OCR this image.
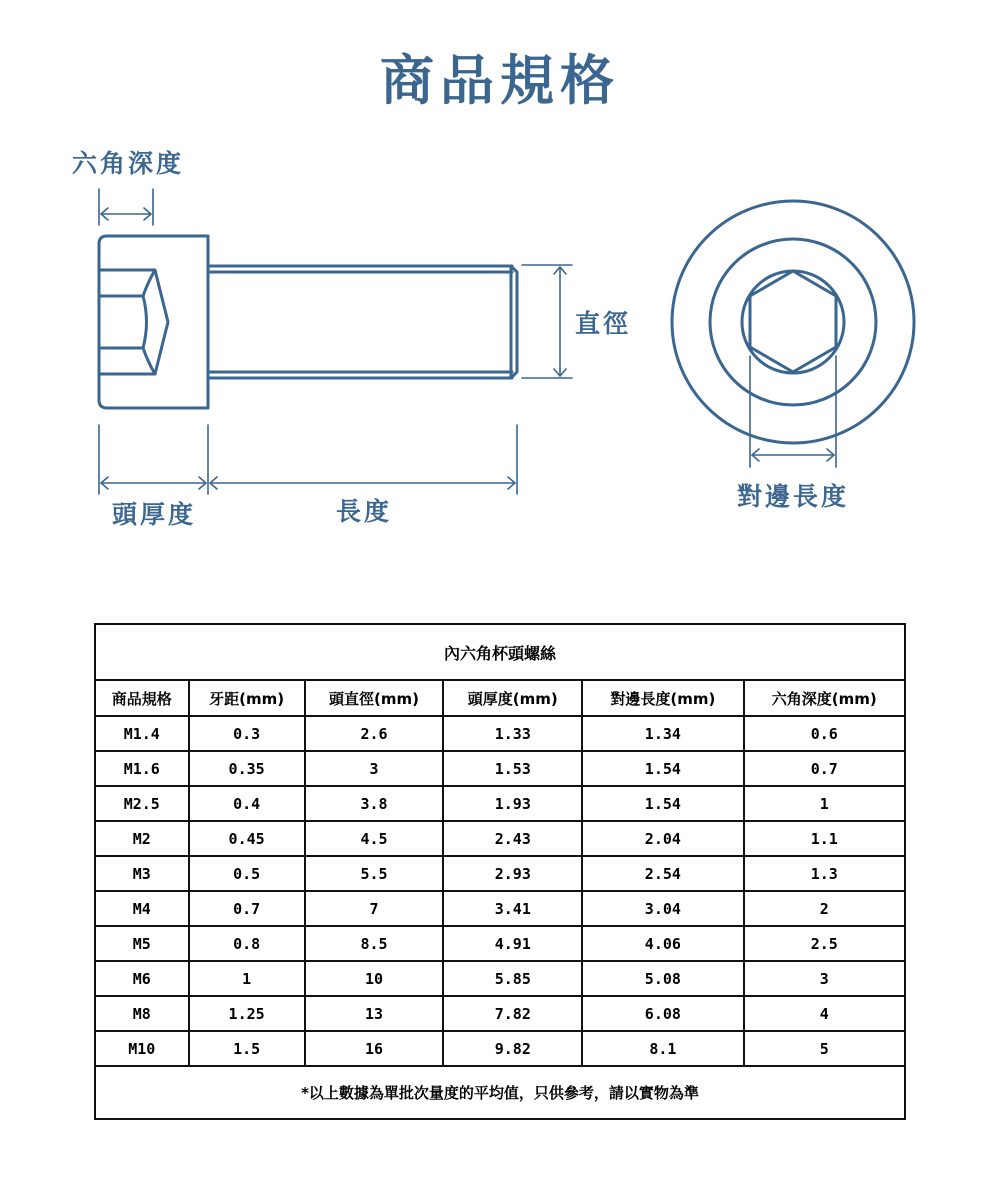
商品規格
六角深度
直徑
頭厚度	長度
對邊長度
內六角杯頭螺絲					
商品規格	牙距(mm)	頭直徑(mm)	頭厚度(mm)	對邊長度(mm)	六角深度(mm)
M1.4	0.3	2.6	1.33	1.34	0.6
M1.6	0.35	3	1.53	1.54	0.7
M2.5	0.4	3.8	1.93	1.54	1
M2	0.45	4.5	2.43	2.04	1.1
M3	0.5	5.5	2.93	2.54	1.3
M4	0.7	7	3.41	3.04	2
M5	0.8	8.5	4.91	4.06	2.5
M6	1	10	5.85	5.08	3
M8	1.25	13	7.82	6.08	4
M10	1.5	16	9.82	8.1	5
*以上數據為單批次量度的平均值，只供參考，請以實物為準					
